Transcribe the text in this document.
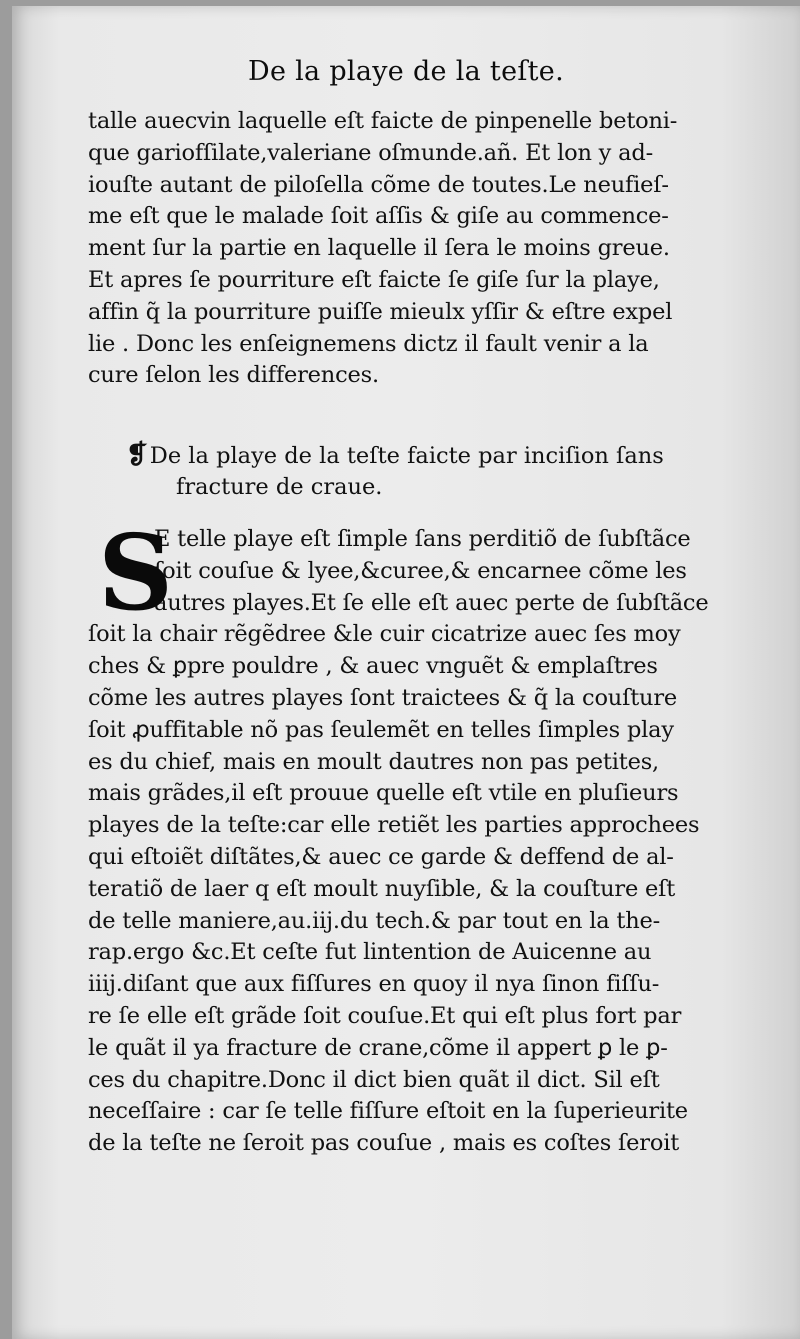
De la playe de la teſte.
talle auecvin laquelle eſt faicte de pinpenelle betoni-
que gariofſilate,valeriane oſmunde.añ. Et lon y ad-
iouſte autant de piloſella cõme de toutes.Le neufieſ-
me eſt que le malade ſoit aſſis & giſe au commence-
ment ſur la partie en laquelle il ſera le moins greue.
Et apres ſe pourriture eſt faicte ſe giſe ſur la playe,
affin q̃ la pourriture puiſſe mieulx yſſir & eſtre expel
lie . Donc les enſeignemens dictz il fault venir a la
cure ſelon les differences.
❡De la playe de la teſte faicte par inciſion ſans
fracture de craue.
S
E telle playe eſt ſimple ſans perditiõ de ſubſtãce
ſoit couſue & lyee,&curee,& encarnee cõme les
autres playes.Et ſe elle eſt auec perte de ſubſtãce
ſoit la chair rẽgẽdree &le cuir cicatrize auec ſes moy
ches & ꝑpre pouldre , & auec vnguẽt & emplaſtres
cõme les autres playes ſont traictees & q̃ la couſture
ſoit ꝓuffitable nõ pas ſeulemẽt en telles ſimples play
es du chief, mais en moult dautres non pas petites,
mais grãdes,il eſt prouue quelle eſt vtile en pluſieurs
playes de la teſte:car elle retiẽt les parties approchees
qui eſtoiẽt diſtãtes,& auec ce garde & deffend de al-
teratiõ de laer q eſt moult nuyſible, & la couſture eſt
de telle maniere,au.iij.du tech.& par tout en la the-
rap.ergo &c.Et ceſte fut lintention de Auicenne au
iiij.diſant que aux fiſſures en quoy il nya ſinon fiſſu-
re ſe elle eſt grãde ſoit couſue.Et qui eſt plus fort par
le quãt il ya fracture de crane,cõme il appert ꝑ le ꝑ-
ces du chapitre.Donc il dict bien quãt il dict. Sil eſt
neceſſaire : car ſe telle fiſſure eſtoit en la ſuperieurite
de la teſte ne ſeroit pas couſue , mais es coſtes ſeroit
